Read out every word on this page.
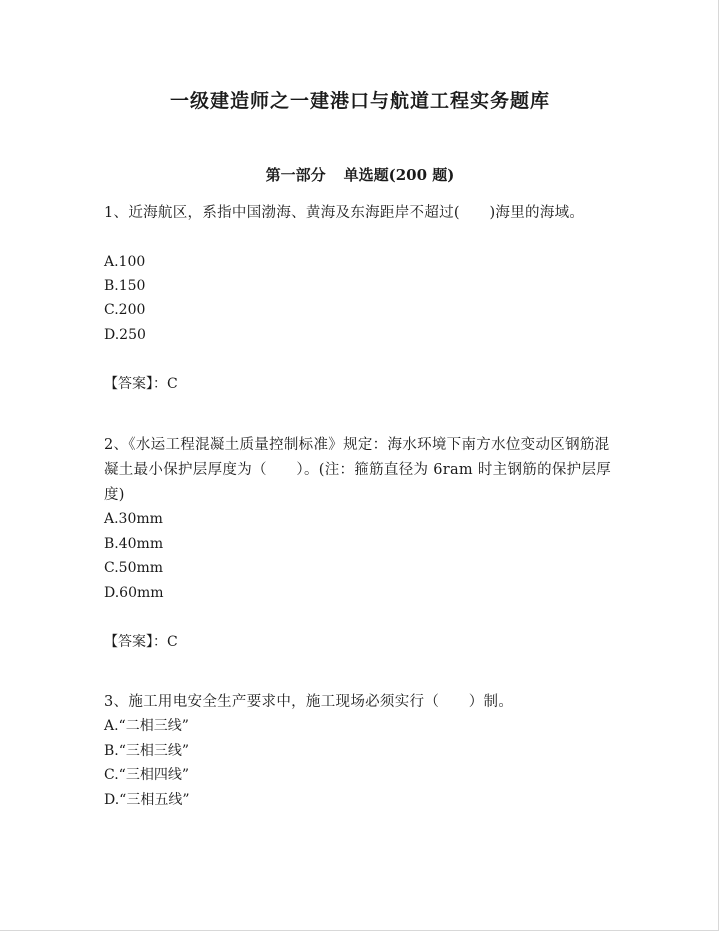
一级建造师之一建港口与航道工程实务题库
第一部分 单选题(200 题)
1、近海航区，系指中国渤海、黄海及东海距岸不超过(　　)海里的海域。
A.100
B.150
C.200
D.250
【答案】：C
2、《水运工程混凝土质量控制标准》规定：海水环境下南方水位变动区钢筋混凝土最小保护层厚度为（　　）。(注：箍筋直径为 6ram 时主钢筋的保护层厚度)
A.30mm
B.40mm
C.50mm
D.60mm
【答案】：C
3、施工用电安全生产要求中，施工现场必须实行（　　）制。
A.“二相三线”
B.“三相三线”
C.“三相四线”
D.“三相五线”
